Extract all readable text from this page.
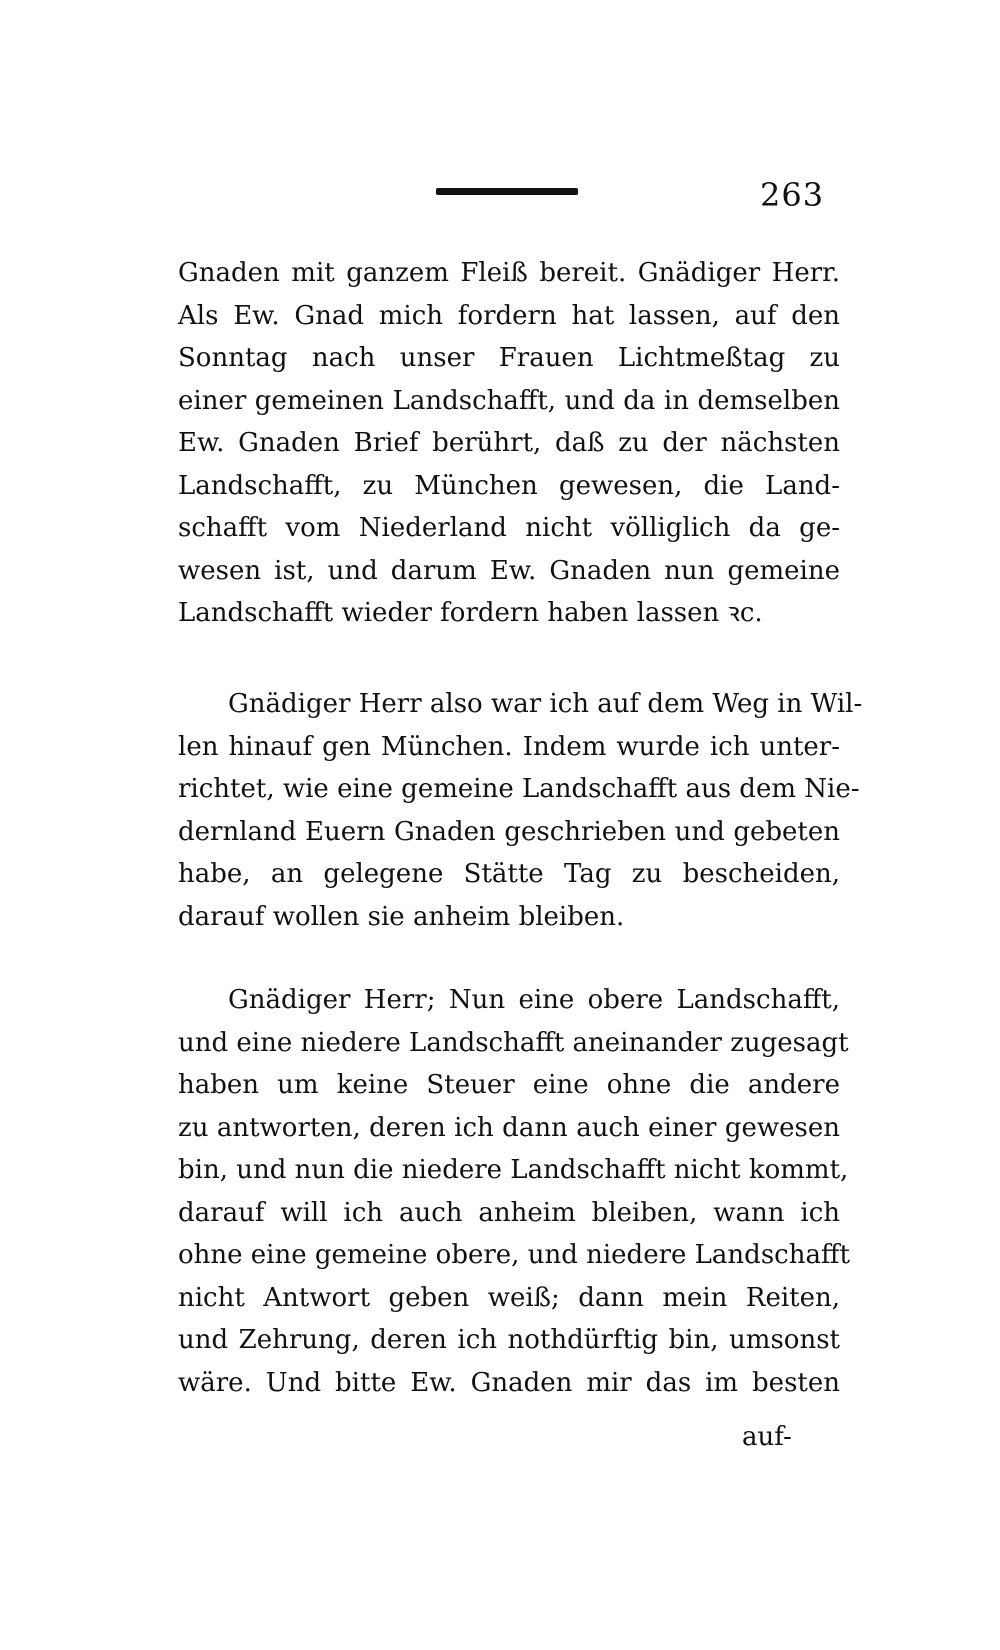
263
Gnaden mit ganzem Fleiß bereit. Gnädiger Herr.
Als Ew. Gnad mich fordern hat lassen, auf den
Sonntag nach unser Frauen Lichtmeßtag zu
einer gemeinen Landschafft, und da in demselben
Ew. Gnaden Brief berührt, daß zu der nächsten
Landschafft, zu München gewesen, die Land-
schafft vom Niederland nicht völliglich da ge-
wesen ist, und darum Ew. Gnaden nun gemeine
Landschafft wieder fordern haben lassen ꝛc.
Gnädiger Herr also war ich auf dem Weg in Wil-
len hinauf gen München. Indem wurde ich unter-
richtet, wie eine gemeine Landschafft aus dem Nie-
dernland Euern Gnaden geschrieben und gebeten
habe, an gelegene Stätte Tag zu bescheiden,
darauf wollen sie anheim bleiben.
Gnädiger Herr; Nun eine obere Landschafft,
und eine niedere Landschafft aneinander zugesagt
haben um keine Steuer eine ohne die andere
zu antworten, deren ich dann auch einer gewesen
bin, und nun die niedere Landschafft nicht kommt,
darauf will ich auch anheim bleiben, wann ich
ohne eine gemeine obere, und niedere Landschafft
nicht Antwort geben weiß; dann mein Reiten,
und Zehrung, deren ich nothdürftig bin, umsonst
wäre. Und bitte Ew. Gnaden mir das im besten
auf-
